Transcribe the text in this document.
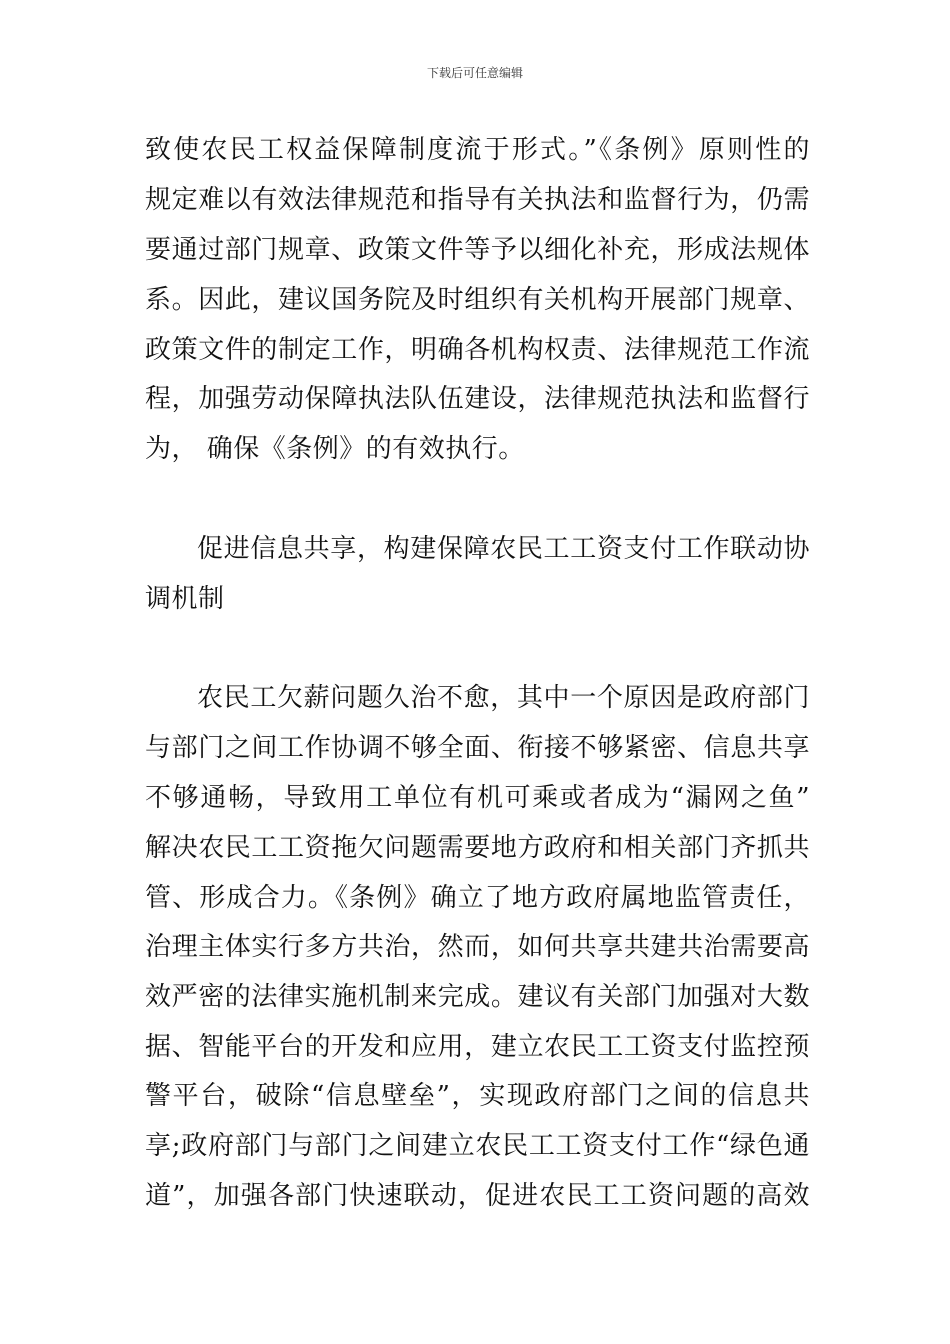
下载后可任意编辑
致使农民工权益保障制度流于形式。”《条例》原则性的
规定难以有效法律规范和指导有关执法和监督行为，仍需
要通过部门规章、政策文件等予以细化补充，形成法规体
系。因此，建议国务院及时组织有关机构开展部门规章、
政策文件的制定工作，明确各机构权责、法律规范工作流
程，加强劳动保障执法队伍建设，法律规范执法和监督行
为， 确保《条例》的有效执行。
促进信息共享，构建保障农民工工资支付工作联动协
调机制
农民工欠薪问题久治不愈，其中一个原因是政府部门
与部门之间工作协调不够全面、衔接不够紧密、信息共享
不够通畅，导致用工单位有机可乘或者成为“漏网之鱼”
解决农民工工资拖欠问题需要地方政府和相关部门齐抓共
管、形成合力。《条例》确立了地方政府属地监管责任，
治理主体实行多方共治，然而，如何共享共建共治需要高
效严密的法律实施机制来完成。建议有关部门加强对大数
据、智能平台的开发和应用，建立农民工工资支付监控预
警平台，破除“信息壁垒”，实现政府部门之间的信息共
享;政府部门与部门之间建立农民工工资支付工作“绿色通
道”，加强各部门快速联动，促进农民工工资问题的高效
